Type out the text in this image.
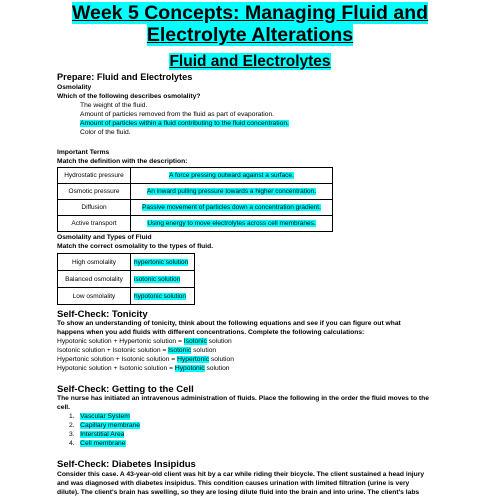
Week 5 Concepts: Managing Fluid and
Electrolyte Alterations
Fluid and Electrolytes
Prepare: Fluid and Electrolytes
Osmolality
Which of the following describes osmolality?
The weight of the fluid.
Amount of particles removed from the fluid as part of evaporation.
Amount of particles within a fluid contributing to the fluid concentration.
Color of the fluid.
Important Terms
Match the definition with the description:
Hydrostatic pressure	A force pressing outward against a surface.
Osmotic pressure	An inward pulling pressure towards a higher concentration.
Diffusion	Passive movement of particles down a concentration gradient.
Active transport	Using energy to move electrolytes across cell membranes.
Osmolality and Types of Fluid
Match the correct osmolality to the types of fluid.
High osmolality	hypertonic solution
Balanced osmolality	isotonic solution
Low osmolality	hypotonic solution
Self-Check: Tonicity
To show an understanding of tonicity, think about the following equations and see if you can figure out what
happens when you add fluids with different concentrations. Complete the following calculations:
Hypotonic solution + Hypertonic solution = Isotonic solution
Isotonic solution + Isotonic solution = Isotonic solution
Hypertonic solution + Isotonic solution = Hypertonic solution
Hypotonic solution + Isotonic solution = Hypotonic solution
Self-Check: Getting to the Cell
The nurse has initiated an intravenous administration of fluids. Place the following in the order the fluid moves to the
cell.
1.   Vascular System
2.   Capillary membrane
3.   Interstitial Area
4.   Cell membrane
Self-Check: Diabetes Insipidus
Consider this case. A 43-year-old client was hit by a car while riding their bicycle. The client sustained a head injury
and was diagnosed with diabetes insipidus. This condition causes urination with limited filtration (urine is very
dilute). The client's brain has swelling, so they are losing dilute fluid into the brain and into urine. The client's labs
